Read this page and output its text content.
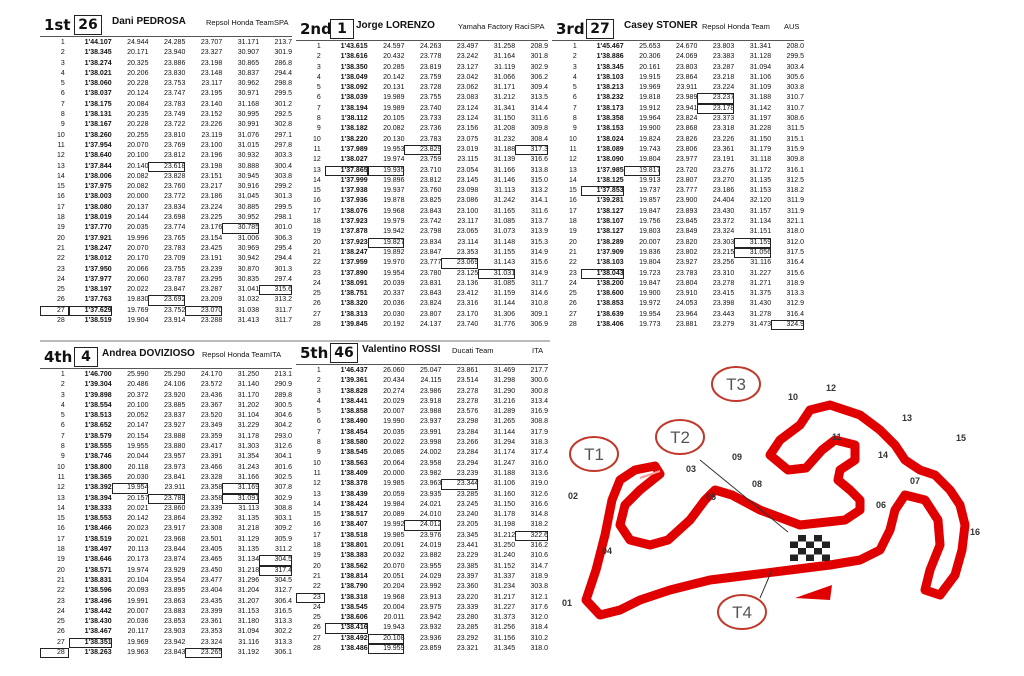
1st 26	Dani PEDROSA	Repsol Honda Team SPA
1	1'44.107	24.944	24.285	23.707	31.171	213.7
2	1'38.345	20.171	23.940	23.327	30.907	301.9
3	1'38.274	20.325	23.886	23.198	30.865	286.8
4	1'38.021	20.206	23.830	23.148	30.837	294.4
5	1'38.060	20.228	23.753	23.117	30.962	298.8
6	1'38.037	20.124	23.747	23.195	30.971	299.5
7	1'38.175	20.084	23.783	23.140	31.168	301.2
8	1'38.131	20.235	23.749	23.152	30.995	292.5
9	1'38.167	20.228	23.722	23.226	30.991	302.8
10	1'38.260	20.255	23.810	23.119	31.076	297.1
11	1'37.954	20.070	23.769	23.100	31.015	297.8
12	1'38.640	20.100	23.812	23.196	30.932	303.3
13	1'37.844	20.140	23.618	23.198	30.888	300.4
14	1'38.006	20.082	23.828	23.151	30.945	303.8
15	1'37.975	20.082	23.760	23.217	30.916	299.2
16	1'38.003	20.000	23.772	23.186	31.045	301.3
17	1'38.080	20.137	23.834	23.224	30.885	299.5
18	1'38.019	20.144	23.698	23.225	30.952	298.1
19	1'37.770	20.035	23.774	23.176	30.785	301.0
20	1'37.921	19.996	23.765	23.154	31.006	306.3
21	1'38.247	20.070	23.783	23.425	30.969	295.4
22	1'38.012	20.170	23.709	23.191	30.942	294.4
23	1'37.950	20.066	23.755	23.239	30.870	301.3
24	1'37.977	20.060	23.787	23.295	30.835	297.4
25	1'38.197	20.022	23.847	23.287	31.041	315.6
26	1'37.763	19.830	23.692	23.209	31.032	313.2
27	1'37.629	19.769	23.752	23.070	31.038	311.7
28	1'38.519	19.904	23.914	23.288	31.413	311.7
2nd 1 Jorge LORENZO	Yamaha Factory Raci SPA
1	1'43.615	24.597	24.263	23.497	31.258	208.9
2	1'38.616	20.432	23.778	23.242	31.164	301.8
3	1'38.350	20.285	23.819	23.127	31.119	302.9
4	1'38.049	20.142	23.759	23.042	31.066	306.2
5	1'38.092	20.131	23.728	23.062	31.171	309.4
6	1'38.039	19.989	23.755	23.083	31.212	313.5
7	1'38.194	19.989	23.740	23.124	31.341	314.4
8	1'38.112	20.105	23.733	23.124	31.150	311.6
9	1'38.182	20.082	23.736	23.156	31.208	309.8
10	1'38.220	20.130	23.783	23.075	31.232	308.4
11	1'37.989	19.953	23.829	23.019	31.188	317.3
12	1'38.027	19.974	23.759	23.115	31.139	316.6
13	1'37.865	19.935	23.710	23.054	31.166	313.8
14	1'37.999	19.896	23.812	23.145	31.146	315.0
15	1'37.938	19.937	23.760	23.098	31.113	313.2
16	1'37.936	19.878	23.825	23.086	31.242	314.1
17	1'38.076	19.968	23.843	23.100	31.165	311.6
18	1'37.923	19.979	23.742	23.117	31.085	313.7
19	1'37.878	19.942	23.798	23.065	31.073	313.9
20	1'37.923	19.827	23.834	23.114	31.148	315.3
21	1'38.247	19.892	23.847	23.353	31.155	314.9
22	1'37.959	19.970	23.777	23.069	31.143	315.6
23	1'37.890	19.954	23.780	23.125	31.031	314.9
24	1'38.091	20.039	23.831	23.136	31.085	311.7
25	1'38.751	20.337	23.843	23.412	31.159	314.6
26	1'38.320	20.036	23.824	23.316	31.144	310.8
27	1'38.313	20.030	23.807	23.170	31.306	309.1
28	1'39.845	20.192	24.137	23.740	31.776	306.9
3rd 27	Casey STONER Repsol Honda Team AUS
1	1'45.467	25.653	24.670	23.803	31.341	208.0
2	1'38.886	20.306	24.069	23.383	31.128	299.5
3	1'38.345	20.161	23.803	23.287	31.094	303.4
4	1'38.103	19.915	23.864	23.218	31.106	305.6
5	1'38.213	19.969	23.911	23.224	31.109	303.8
6	1'38.232	19.818	23.989	23.237	31.188	310.7
7	1'38.173	19.912	23.941	23.178	31.142	310.7
8	1'38.358	19.964	23.824	23.373	31.197	308.6
9	1'38.153	19.900	23.868	23.318	31.228	311.5
10	1'38.024	19.824	23.826	23.226	31.150	315.1
11	1'38.089	19.743	23.806	23.361	31.179	315.9
12	1'38.090	19.804	23.977	23.191	31.118	309.8
13	1'37.985	19.817	23.720	23.276	31.172	316.1
14	1'38.125	19.913	23.807	23.270	31.135	312.5
15	1'37.853	19.737	23.777	23.186	31.153	318.2
16	1'39.281	19.857	23.900	24.404	32.120	311.9
17	1'38.127	19.847	23.893	23.430	31.157	311.9
18	1'38.107	19.756	23.845	23.372	31.134	321.1
19	1'38.127	19.803	23.849	23.324	31.151	318.0
20	1'38.289	20.007	23.820	23.303	31.159	312.0
21	1'37.909	19.836	23.802	23.215	31.056	317.5
22	1'38.103	19.804	23.927	23.256	31.116	316.4
23	1'38.043	19.723	23.783	23.310	31.227	315.6
24	1'38.200	19.847	23.804	23.278	31.271	318.9
25	1'38.600	19.900	23.910	23.415	31.375	313.3
26	1'38.853	19.972	24.053	23.398	31.430	312.9
27	1'38.639	19.954	23.964	23.443	31.278	316.4
28	1'38.406	19.773	23.881	23.279	31.473	324.9
4th 4	Andrea DOVIZIOSO Repsol Honda Team ITA
1	1'46.700	25.990	25.290	24.170	31.250	213.1
2	1'39.304	20.486	24.106	23.572	31.140	290.9
3	1'39.898	20.372	23.920	23.436	31.170	289.8
4	1'38.554	20.100	23.885	23.367	31.202	300.5
5	1'38.513	20.052	23.837	23.520	31.104	304.6
6	1'38.652	20.147	23.927	23.349	31.229	304.2
7	1'38.579	20.154	23.888	23.359	31.178	293.0
8	1'38.555	19.955	23.880	23.417	31.303	312.6
9	1'38.746	20.044	23.957	23.391	31.354	304.1
10	1'38.800	20.118	23.973	23.466	31.243	301.6
11	1'38.365	20.030	23.841	23.328	31.166	302.5
12	1'38.392	19.954	23.911	23.358	31.169	307.8
13	1'38.394	20.157	23.788	23.358	31.091	302.9
14	1'38.333	20.021	23.860	23.339	31.113	308.8
15	1'38.553	20.142	23.864	23.392	31.135	303.1
16	1'38.466	20.023	23.917	23.308	31.218	309.2
17	1'38.519	20.021	23.968	23.501	31.129	305.9
18	1'38.497	20.113	23.844	23.405	31.135	311.2
19	1'38.646	20.173	23.874	23.465	31.134	304.5
20	1'38.571	19.974	23.929	23.450	31.218	317.4
21	1'38.831	20.104	23.954	23.477	31.296	304.5
22	1'38.596	20.093	23.895	23.404	31.204	312.7
23	1'38.496	19.991	23.863	23.435	31.207	306.4
24	1'38.442	20.007	23.883	23.399	31.153	316.5
25	1'38.430	20.036	23.853	23.361	31.180	313.3
26	1'38.467	20.117	23.903	23.353	31.094	302.2
27	1'38.351	19.969	23.942	23.324	31.116	313.3
28	1'38.263	19.963	23.843	23.265	31.192	306.1
5th 46 Valentino ROSSI Ducati Team	ITA
1	1'46.437	26.060	25.047	23.861	31.469	217.7
2	1'39.361	20.434	24.115	23.514	31.298	300.6
3	1'38.828	20.274	23.986	23.278	31.290	300.8
4	1'38.441	20.029	23.918	23.278	31.216	313.4
5	1'38.858	20.007	23.988	23.576	31.289	316.9
6	1'38.490	19.990	23.937	23.298	31.265	308.8
7	1'38.454	20.035	23.991	23.284	31.144	317.9
8	1'38.580	20.022	23.998	23.266	31.294	318.3
9	1'38.545	20.085	24.002	23.284	31.174	317.4
10	1'38.563	20.064	23.958	23.294	31.247	316.0
11	1'38.409	20.000	23.982	23.239	31.188	313.6
12	1'38.378	19.985	23.963	23.344	31.106	319.0
13	1'38.439	20.059	23.935	23.285	31.160	312.6
14	1'38.424	19.984	24.021	23.245	31.150	316.6
15	1'38.517	20.089	24.010	23.240	31.178	314.8
16	1'38.407	19.992	24.012	23.205	31.198	318.2
17	1'38.518	19.985	23.976	23.345	31.212	322.6
18	1'38.801	20.091	24.019	23.441	31.250	316.2
19	1'38.383	20.032	23.882	23.229	31.240	310.6
20	1'38.562	20.070	23.955	23.385	31.152	314.7
21	1'38.814	20.051	24.029	23.397	31.337	318.9
22	1'38.790	20.204	23.992	23.360	31.234	303.8
23	1'38.318	19.968	23.913	23.220	31.217	312.1
24	1'38.545	20.004	23.975	23.339	31.227	317.6
25	1'38.606	20.011	23.942	23.280	31.373	312.0
26	1'38.416	19.943	23.932	23.285	31.256	318.4
27	1'38.492	20.108	23.936	23.292	31.156	310.2
28	1'38.486	19.959	23.859	23.321	31.345	318.0
T1
T2
T3
T4
01
02
03
04
05
06
07
08
09
10
11
12
13
14
15
16
